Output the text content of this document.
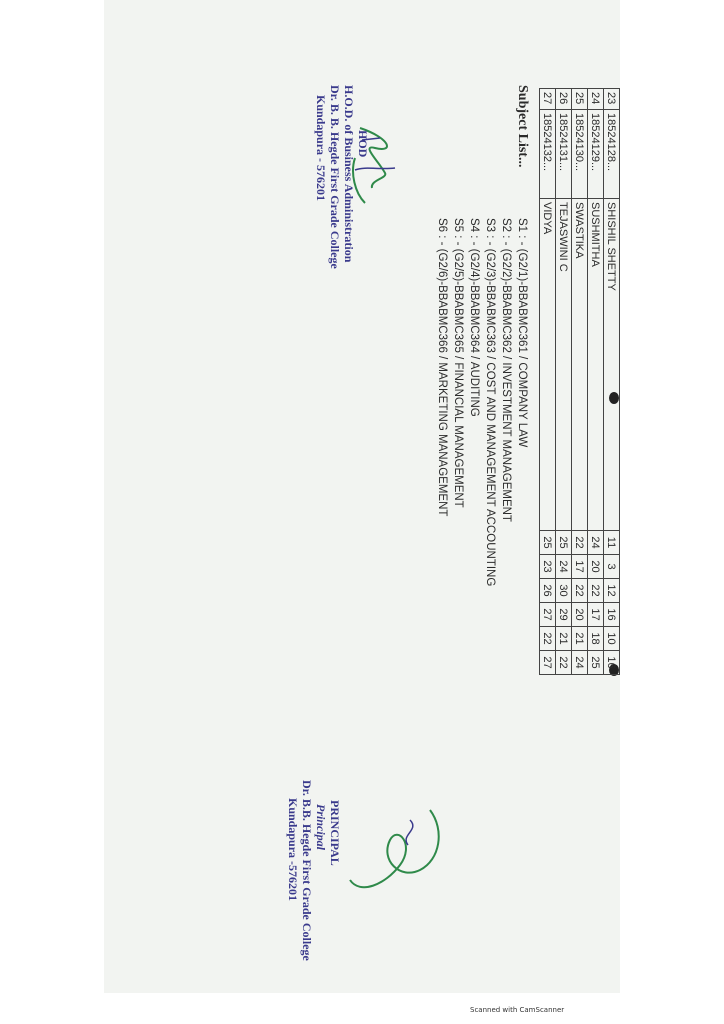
23	18524128...	SHISHIL SHETTY	11	3	12	16	10	16
24	18524129...	SUSHMITHA	24	20	22	17	18	25
25	18524130...	SWASTIKA	22	17	22	20	21	24
26	18524131...	TEJASWINI C	25	24	30	29	21	22
27	18524132...	VIDYA	25	23	26	27	22	27
Subject List...
S1 : - (G2/1)-BBABMC361 / COMPANY LAW
S2 : - (G2/2)-BBABMC362 / INVESTMENT MANAGEMENT
S3 : - (G2/3)-BBABMC363 / COST AND MANAGEMENT ACCOUNTING
S4 : - (G2/4)-BBABMC364 / AUDITING
S5 : - (G2/5)-BBABMC365 / FINANCIAL MANAGEMENT
S6 : - (G2/6)-BBABMC366 / MARKETING MANAGEMENT
HOD
H.O.D. of Business Administration
Dr. B. B. Hegde First Grade College
Kundapura - 576201
PRINCIPAL
Principal
Dr. B.B. Hegde First Grade College
Kundapura -576201
Scanned with CamScanner
